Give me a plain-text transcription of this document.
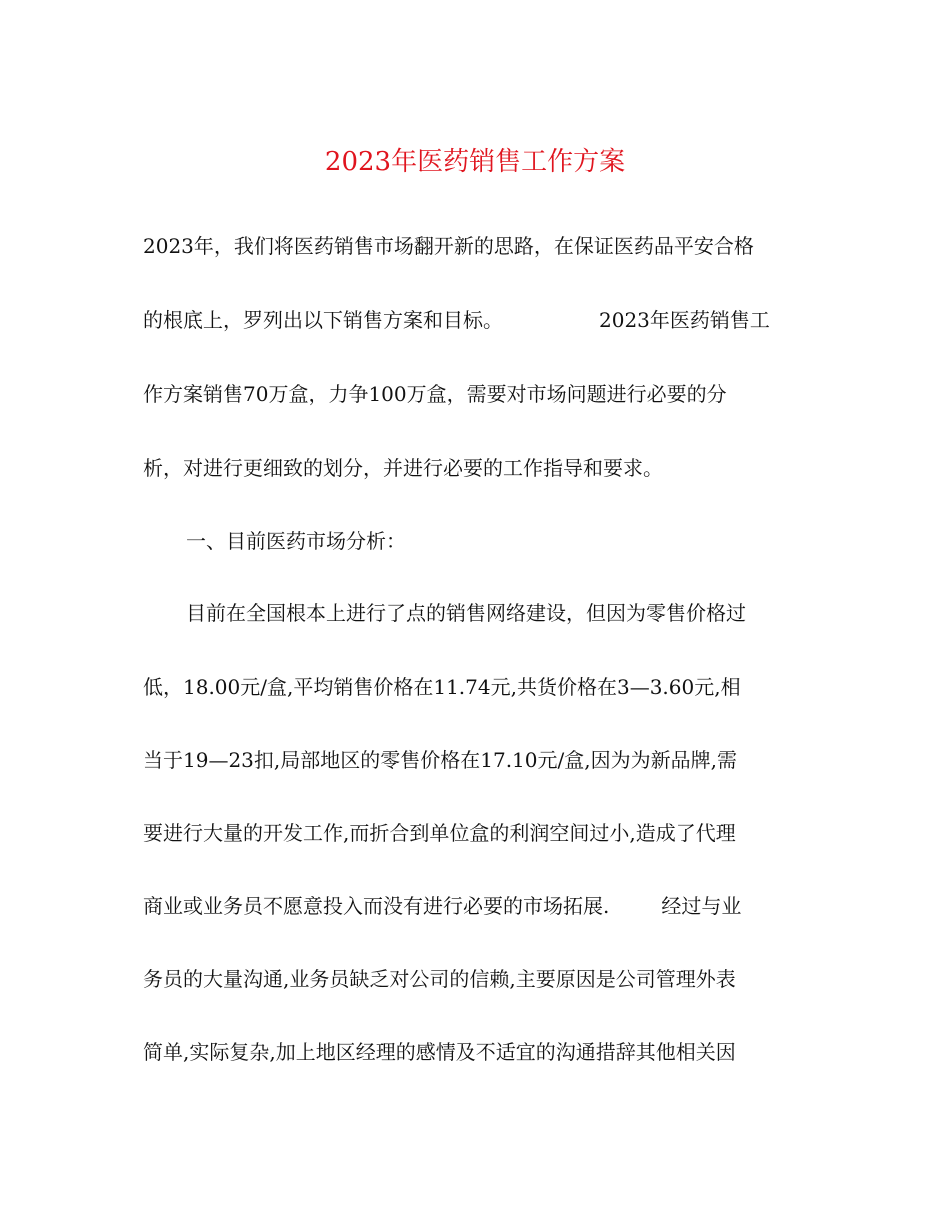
2023年医药销售工作方案

2023年，我们将医药销售市场翻开新的思路，在保证医药品平安合格

的根底上，罗列出以下销售方案和目标。	2023年医药销售工

作方案销售70万盒，力争100万盒，需要对市场问题进行必要的分

析，对进行更细致的划分，并进行必要的工作指导和要求。

一、目前医药市场分析：

目前在全国根本上进行了点的销售网络建设，但因为零售价格过

低，18.00元/盒,平均销售价格在11.74元,共货价格在3—3.60元,相

当于19—23扣,局部地区的零售价格在17.10元/盒,因为为新品牌,需

要进行大量的开发工作,而折合到单位盒的利润空间过小,造成了代理

商业或业务员不愿意投入而没有进行必要的市场拓展.	经过与业

务员的大量沟通,业务员缺乏对公司的信赖,主要原因是公司管理外表

简单,实际复杂,加上地区经理的感情及不适宜的沟通措辞其他相关因
